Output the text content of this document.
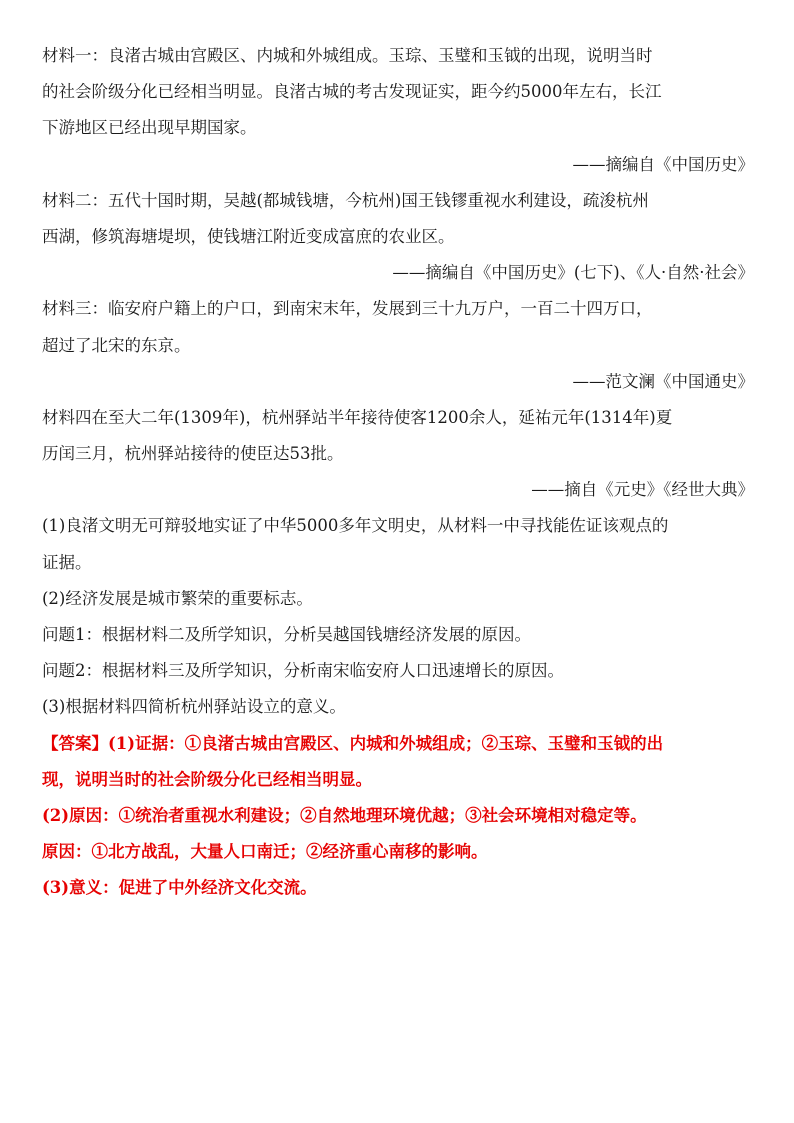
材料一：良渚古城由宫殿区、内城和外城组成。玉琮、玉璧和玉钺的出现，说明当时
的社会阶级分化已经相当明显。良渚古城的考古发现证实，距今约5000年左右，长江
下游地区已经出现早期国家。
——摘编自《中国历史》
材料二：五代十国时期，吴越(都城钱塘，今杭州)国王钱镠重视水利建设，疏浚杭州
西湖，修筑海塘堤坝，使钱塘江附近变成富庶的农业区。
——摘编自《中国历史》(七下)、《人·自然·社会》
材料三：临安府户籍上的户口，到南宋末年，发展到三十九万户，一百二十四万口，
超过了北宋的东京。
——范文澜《中国通史》
材料四在至大二年(1309年)，杭州驿站半年接待使客1200余人，延祐元年(1314年)夏
历闰三月，杭州驿站接待的使臣达53批。
——摘自《元史》《经世大典》
(1)良渚文明无可辩驳地实证了中华5000多年文明史，从材料一中寻找能佐证该观点的
证据。
(2)经济发展是城市繁荣的重要标志。
问题1：根据材料二及所学知识，分析吴越国钱塘经济发展的原因。
问题2：根据材料三及所学知识，分析南宋临安府人口迅速增长的原因。
(3)根据材料四简析杭州驿站设立的意义。
【答案】(1)证据：①良渚古城由宫殿区、内城和外城组成；②玉琮、玉璧和玉钺的出
现，说明当时的社会阶级分化已经相当明显。
(2)原因：①统治者重视水利建设；②自然地理环境优越；③社会环境相对稳定等。
原因：①北方战乱，大量人口南迁；②经济重心南移的影响。
(3)意义：促进了中外经济文化交流。
